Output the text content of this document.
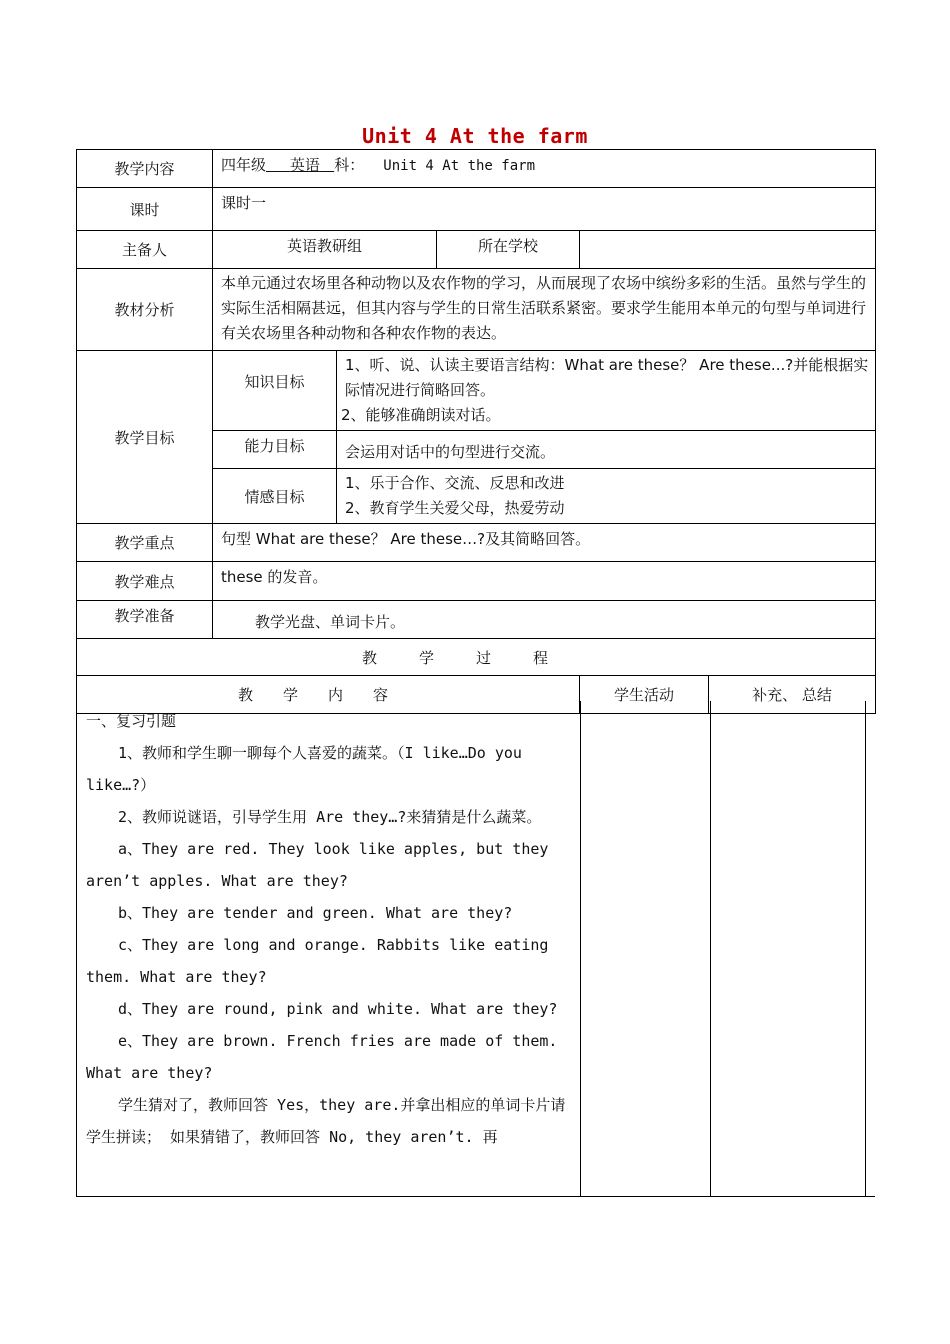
Unit 4 At the farm
教学内容	四年级 英语 科： Unit 4 At the farm				
课时	课时一				
主备人	英语教研组		所在学校		
教材分析	本单元通过农场里各种动物以及农作物的学习，从而展现了农场中缤纷多彩的生活。虽然与学生的实际生活相隔甚远，但其内容与学生的日常生活联系紧密。要求学生能用本单元的句型与单词进行有关农场里各种动物和各种农作物的表达。				
教学目标	知识目标	1、听、说、认读主要语言结构：What are these？ Are these...?并能根据实际情况进行简略回答。
2、能够准确朗读对话。			

	能力目标	会运用对话中的句型进行交流。			
	情感目标	1、乐于合作、交流、反思和改进
2、教育学生关爱父母，热爱劳动			

教学重点	句型 What are these？ Are these…?及其简略回答。				
教学难点	these 的发音。				
教学准备	教学光盘、单词卡片。				
教学过程					
教学内容				学生活动	补充、 总结

一、复习引题

1、教师和学生聊一聊每个人喜爱的蔬菜。（I like…Do you like…?）

2、教师说谜语，引导学生用 Are they…?来猜猜是什么蔬菜。

a、They are red. They look like apples, but they aren’t apples. What are they?

b、They are tender and green. What are they?

c、They are long and orange. Rabbits like eating them. What are they?

d、They are round, pink and white. What are they?

e、They are brown. French fries are made of them. What are they?

学生猜对了，教师回答 Yes，they are.并拿出相应的单词卡片请学生拼读； 如果猜错了，教师回答 No, they aren’t. 再
